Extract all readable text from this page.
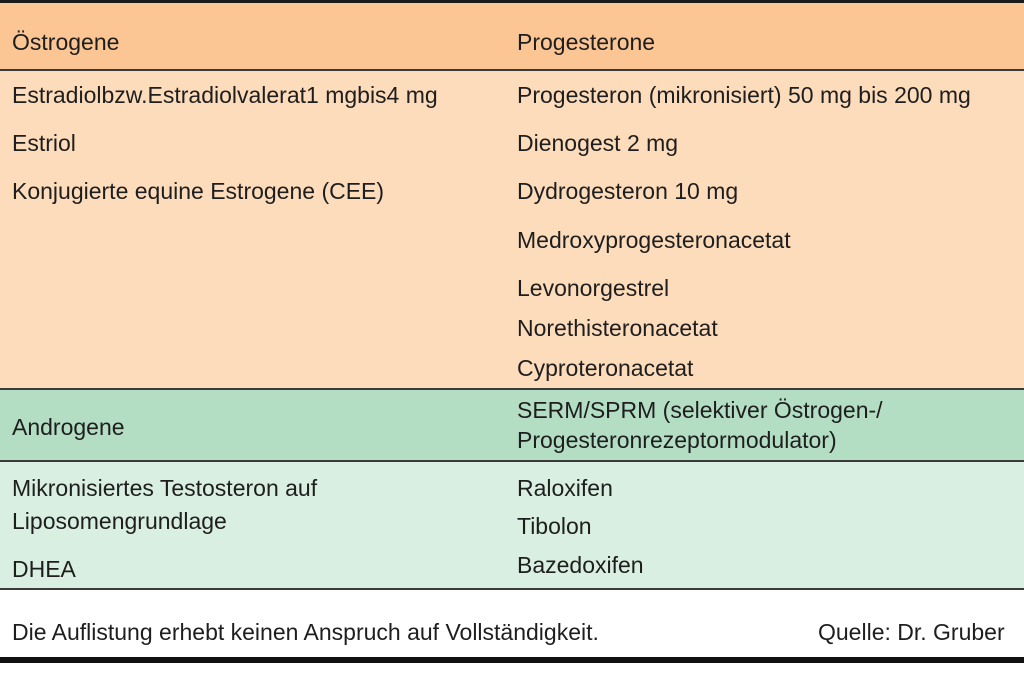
Östrogene	Progesterone
Estradiolbzw.Estradiolvalerat1 mgbis4 mg
Estriol
Konjugierte equine Estrogene (CEE)
Progesteron (mikronisiert) 50 mg bis 200 mg
Dienogest 2 mg
Dydrogesteron 10 mg
Medroxyprogesteronacetat
Levonorgestrel
Norethisteronacetat
Cyproteronacetat
Androgene
SERM/SPRM (selektiver Östrogen-/
Progesteronrezeptormodulator)
Mikronisiertes Testosteron auf
Liposomengrundlage
DHEA
Raloxifen
Tibolon
Bazedoxifen
Die Auflistung erhebt keinen Anspruch auf Vollständigkeit.	Quelle: Dr. Gruber
